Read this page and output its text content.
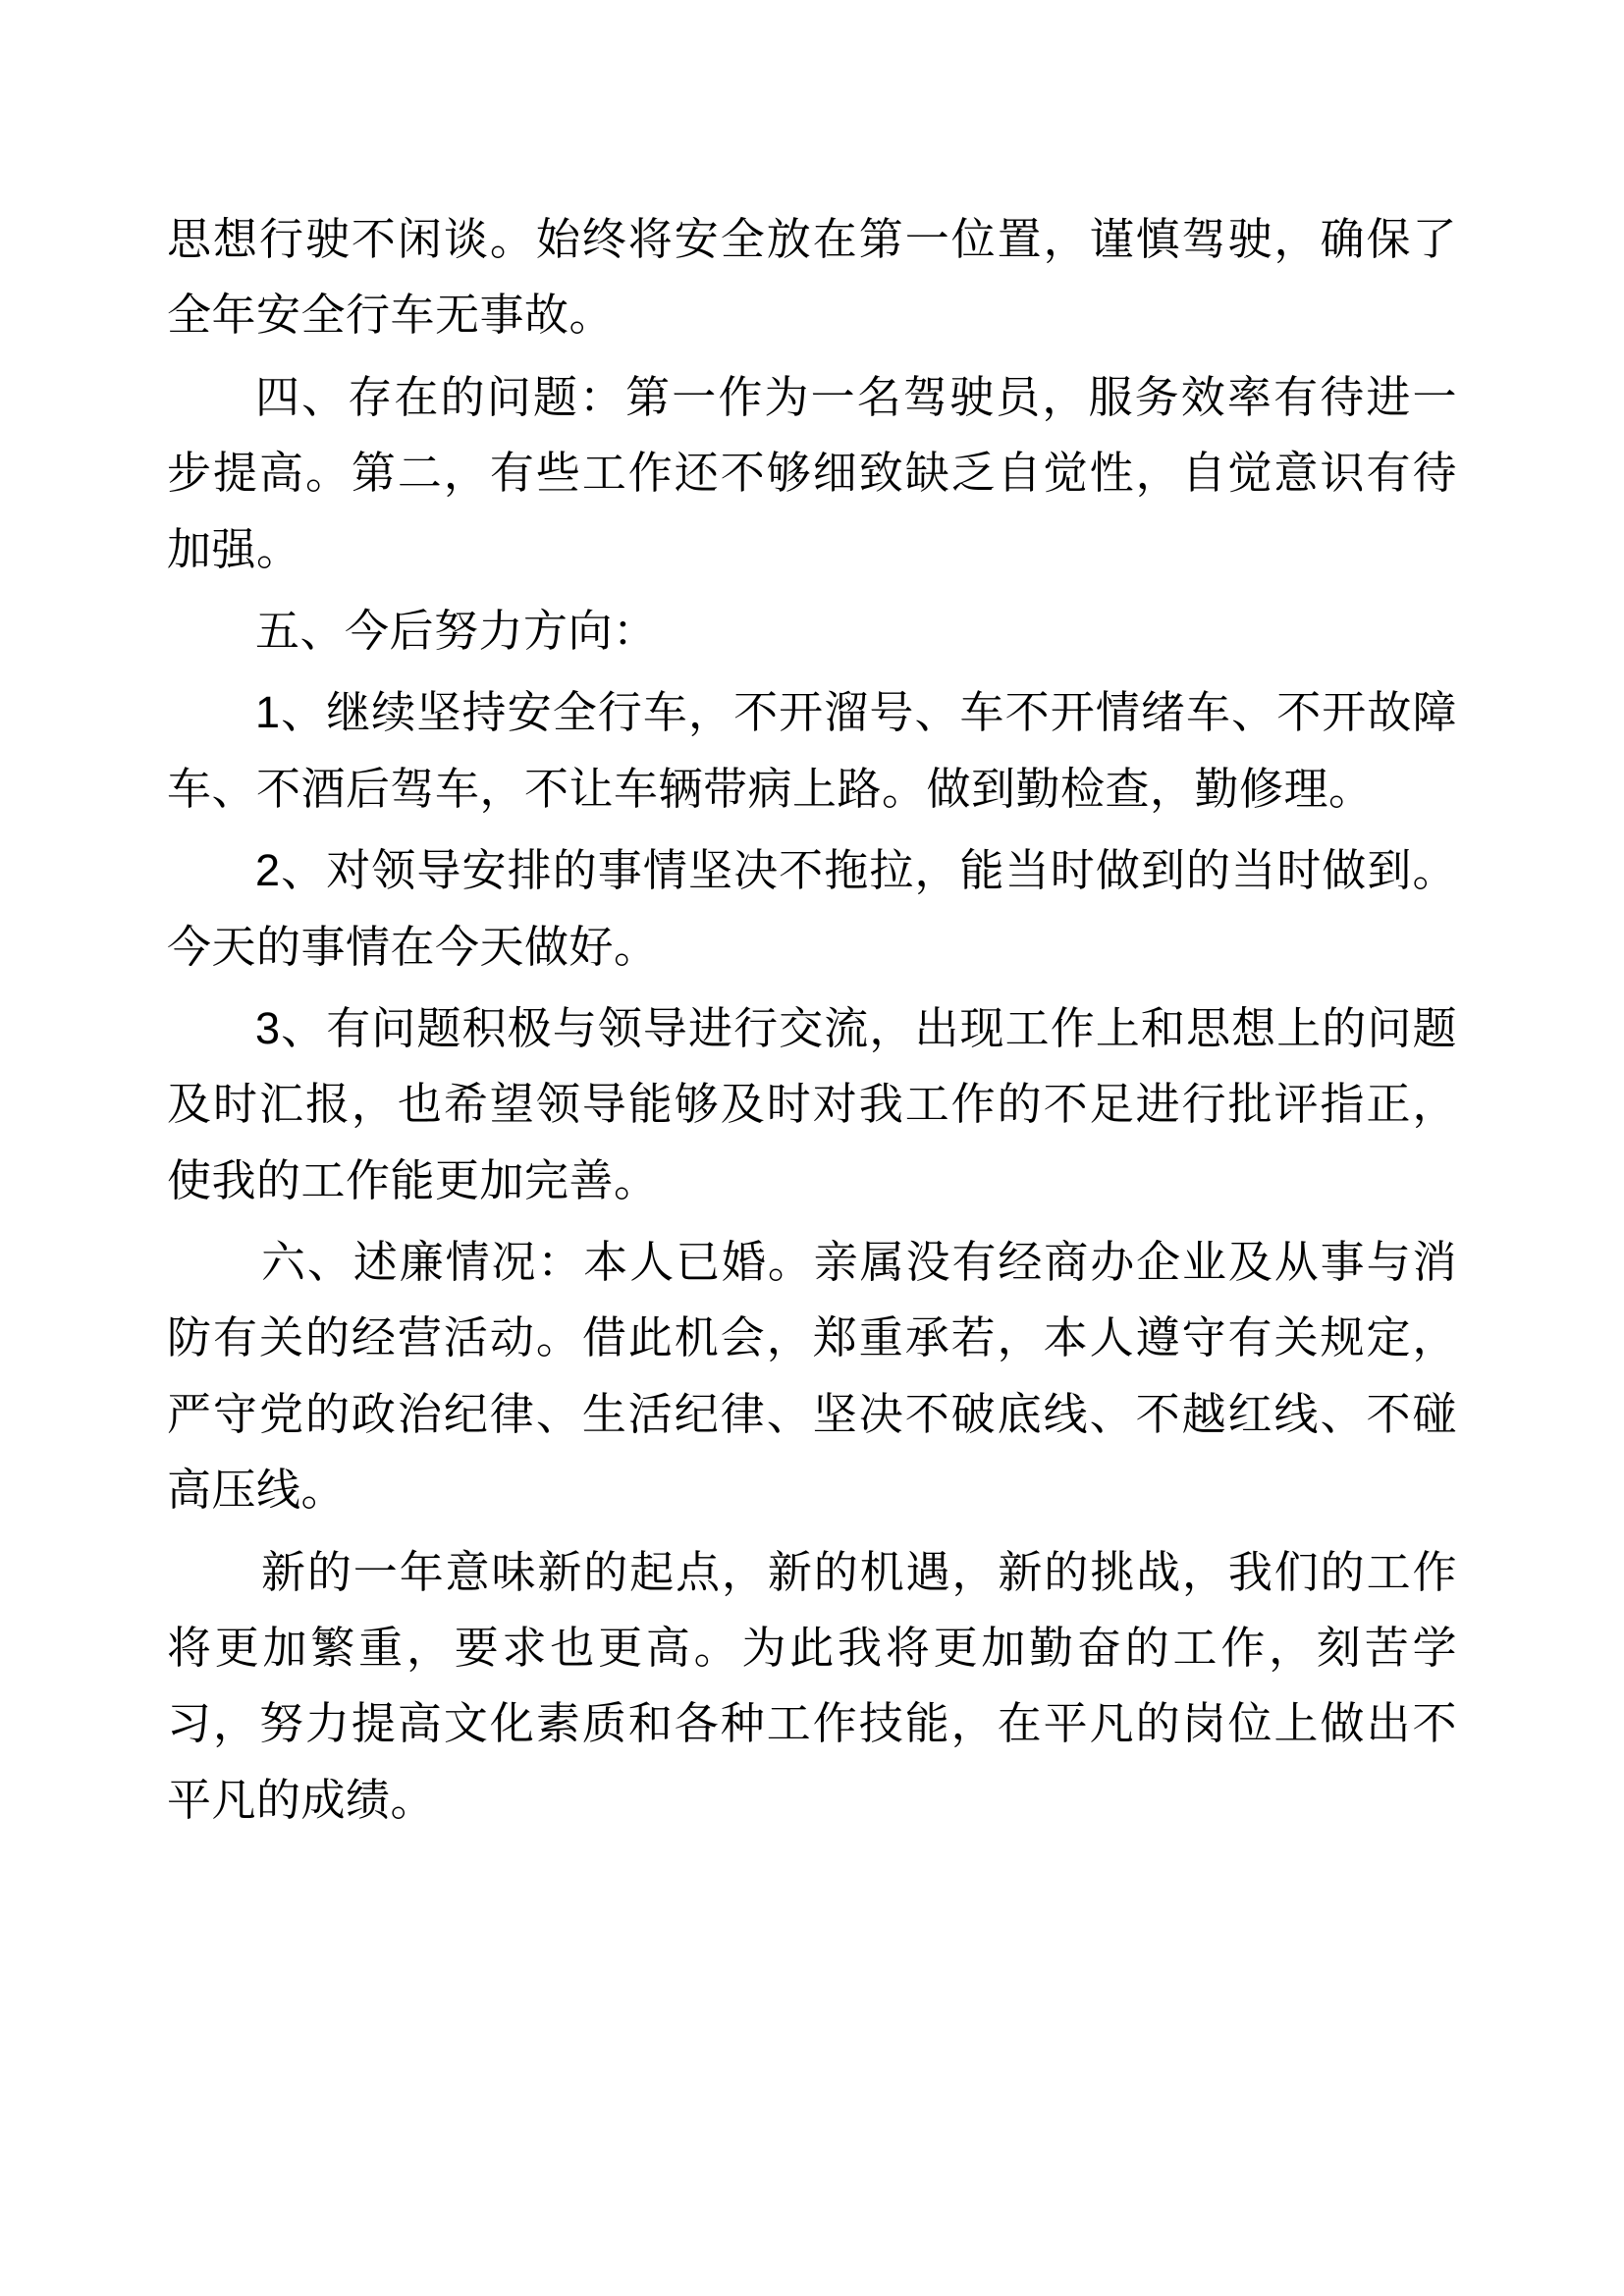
思想行驶不闲谈。始终将安全放在第一位置，谨慎驾驶，确保了全年安全行车无事故。

四、存在的问题：第一作为一名驾驶员，服务效率有待进一步提高。第二，有些工作还不够细致缺乏自觉性，自觉意识有待加强。

五、今后努力方向：

1、继续坚持安全行车，不开溜号、车不开情绪车、不开故障车、不酒后驾车，不让车辆带病上路。做到勤检查，勤修理。

2、对领导安排的事情坚决不拖拉，能当时做到的当时做到。今天的事情在今天做好。

3、有问题积极与领导进行交流，出现工作上和思想上的问题及时汇报，也希望领导能够及时对我工作的不足进行批评指正，使我的工作能更加完善。

六、述廉情况：本人已婚。亲属没有经商办企业及从事与消防有关的经营活动。借此机会，郑重承若，本人遵守有关规定，严守党的政治纪律、生活纪律、坚决不破底线、不越红线、不碰高压线。

新的一年意味新的起点，新的机遇，新的挑战，我们的工作将更加繁重，要求也更高。为此我将更加勤奋的工作，刻苦学习，努力提高文化素质和各种工作技能，在平凡的岗位上做出不平凡的成绩。
